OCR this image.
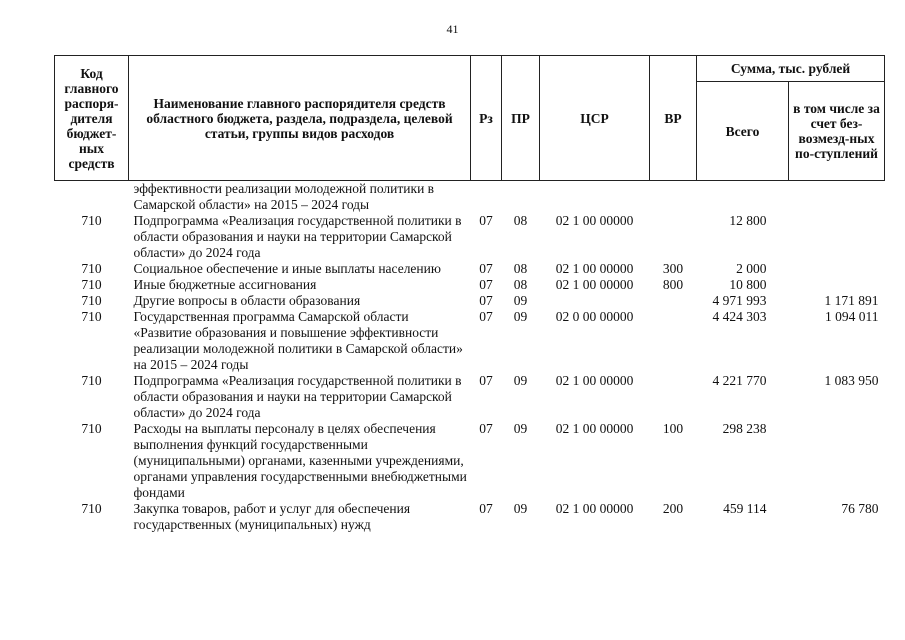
41
Код главного распоря-дителя бюджет-ных средств	Наименование главного распорядителя средств областного бюджета, раздела, подраздела, целевой статьи, группы видов расходов	Рз	ПР	ЦСР	ВР	Сумма, тыс. рублей	
						Всего	в том числе за счет без-возмезд-ных по-ступлений
	эффективности реализации молодежной политики в Самарской области» на 2015 – 2024 годы						
710	Подпрограмма «Реализация государственной политики в области образования и науки на территории Самарской области» до 2024 года	07	08	02 1 00 00000		12 800	
710	Социальное обеспечение и иные выплаты населению	07	08	02 1 00 00000	300	2 000	
710	Иные бюджетные ассигнования	07	08	02 1 00 00000	800	10 800	
710	Другие вопросы в области образования	07	09			4 971 993	1 171 891
710	Государственная программа Самарской области «Развитие образования и повышение эффективности реализации молодежной политики в Самарской области» на 2015 – 2024 годы	07	09	02 0 00 00000		4 424 303	1 094 011
710	Подпрограмма «Реализация государственной политики в области образования и науки на территории Самарской области» до 2024 года	07	09	02 1 00 00000		4 221 770	1 083 950
710	Расходы на выплаты персоналу в целях обеспечения выполнения функций государственными (муниципальными) органами, казенными учреждениями, органами управления государственными внебюджетными фондами	07	09	02 1 00 00000	100	298 238	
710	Закупка товаров, работ и услуг для обеспечения государственных (муниципальных) нужд	07	09	02 1 00 00000	200	459 114	76 780
